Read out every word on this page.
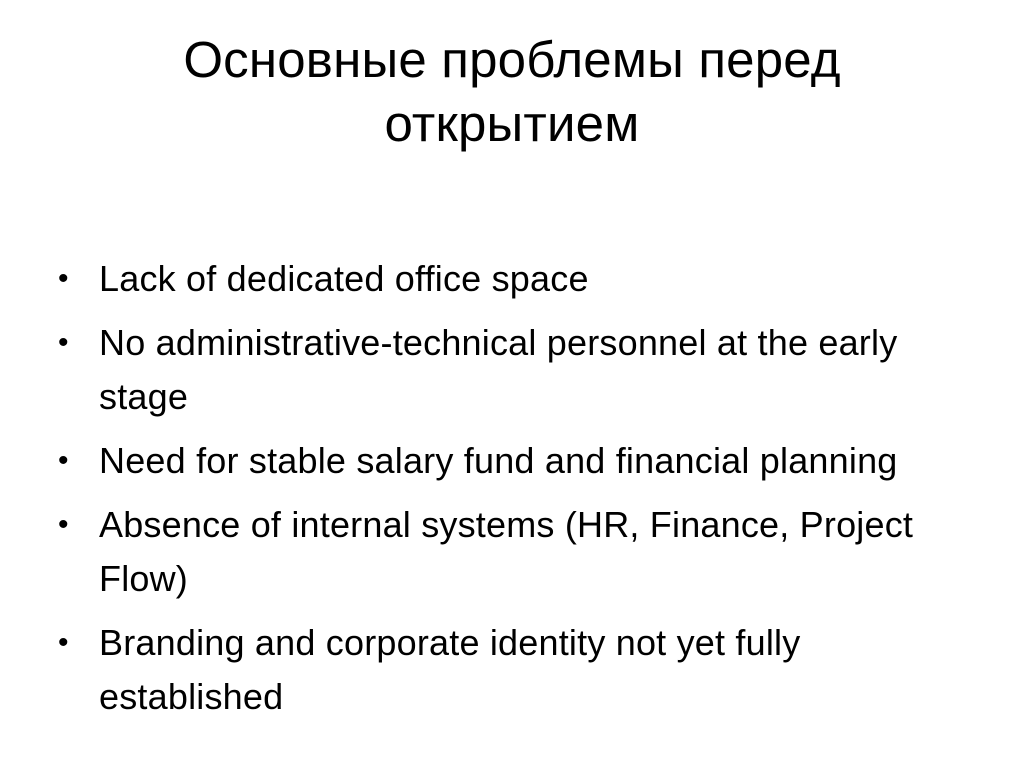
Основные проблемы перед открытием
• Lack of dedicated office space
• No administrative-technical personnel at the early stage
• Need for stable salary fund and financial planning
• Absence of internal systems (HR, Finance, Project Flow)
• Branding and corporate identity not yet fully established
